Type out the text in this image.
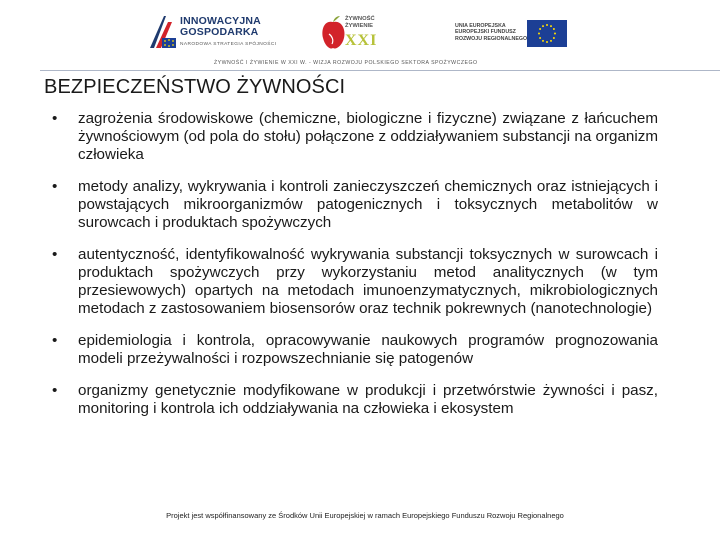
INNOWACYJNA
GOSPODARKA
NARODOWA STRATEGIA SPÓJNOŚCI
ŻYWNOŚĆ
ŻYWIENIE
XXI
UNIA EUROPEJSKA
EUROPEJSKI FUNDUSZ
ROZWOJU REGIONALNEGO
ŻYWNOŚĆ I ŻYWIENIE W XXI W. - WIZJA ROZWOJU POLSKIEGO SEKTORA SPOŻYWCZEGO
BEZPIECZEŃSTWO ŻYWNOŚCI
• zagrożenia środowiskowe (chemiczne, biologiczne i fizyczne) związane z łańcuchem żywnościowym (od pola do stołu) połączone z oddziaływaniem substancji na organizm człowieka
• metody analizy, wykrywania i kontroli zanieczyszczeń chemicznych oraz istniejących i powstających mikroorganizmów patogenicznych i toksycznych metabolitów w surowcach i produktach spożywczych
• autentyczność, identyfikowalność wykrywania substancji toksycznych w surowcach i produktach spożywczych przy wykorzystaniu metod analitycznych (w tym przesiewowych) opartych na metodach imunoenzymatycznych, mikrobiologicznych metodach z zastosowaniem biosensorów oraz technik pokrewnych (nanotechnologie)
• epidemiologia i kontrola, opracowywanie naukowych programów prognozowania modeli przeżywalności i rozpowszechnianie się patogenów
• organizmy genetycznie modyfikowane w produkcji i przetwórstwie żywności i pasz, monitoring i kontrola ich oddziaływania na człowieka i ekosystem
Projekt jest współfinansowany ze Środków Unii Europejskiej w ramach Europejskiego Funduszu Rozwoju Regionalnego
